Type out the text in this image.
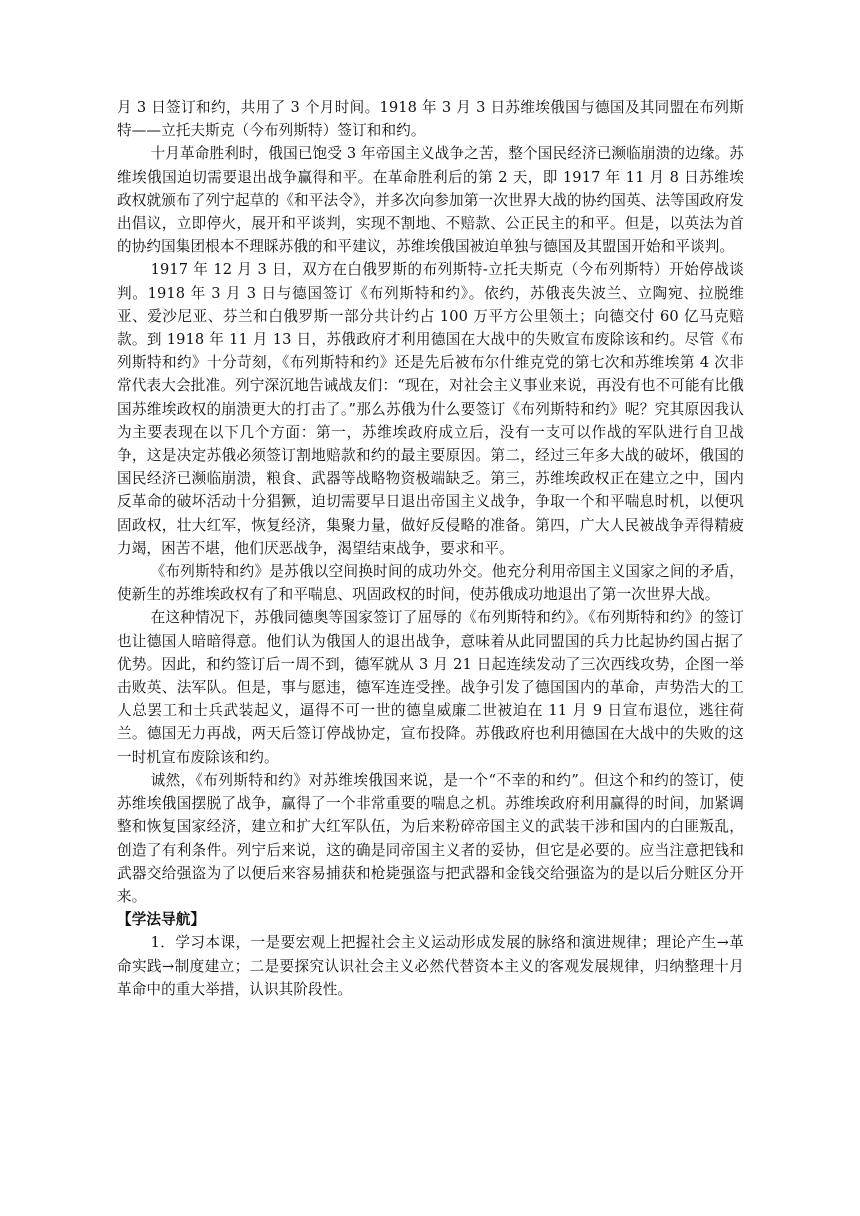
月 3 日签订和约，共用了 3 个月时间。1918 年 3 月 3 日苏维埃俄国与德国及其同盟在布列斯特——立托夫斯克（今布列斯特）签订和和约。

十月革命胜利时，俄国已饱受 3 年帝国主义战争之苦，整个国民经济已濒临崩溃的边缘。苏维埃俄国迫切需要退出战争赢得和平。在革命胜利后的第 2 天，即 1917 年 11 月 8 日苏维埃政权就颁布了列宁起草的《和平法令》，并多次向参加第一次世界大战的协约国英、法等国政府发出倡议，立即停火，展开和平谈判，实现不割地、不赔款、公正民主的和平。但是，以英法为首的协约国集团根本不理睬苏俄的和平建议，苏维埃俄国被迫单独与德国及其盟国开始和平谈判。

1917 年 12 月 3 日，双方在白俄罗斯的布列斯特-立托夫斯克（今布列斯特）开始停战谈判。1918 年 3 月 3 日与德国签订《布列斯特和约》。依约，苏俄丧失波兰、立陶宛、拉脱维亚、爱沙尼亚、芬兰和白俄罗斯一部分共计约占 100 万平方公里领土；向德交付 60 亿马克赔款。到 1918 年 11 月 13 日，苏俄政府才利用德国在大战中的失败宣布废除该和约。尽管《布列斯特和约》十分苛刻，《布列斯特和约》还是先后被布尔什维克党的第七次和苏维埃第 4 次非常代表大会批准。列宁深沉地告诫战友们：“现在，对社会主义事业来说，再没有也不可能有比俄国苏维埃政权的崩溃更大的打击了。”那么苏俄为什么要签订《布列斯特和约》呢？究其原因我认为主要表现在以下几个方面：第一，苏维埃政府成立后，没有一支可以作战的军队进行自卫战争，这是决定苏俄必须签订割地赔款和约的最主要原因。第二，经过三年多大战的破坏，俄国的国民经济已濒临崩溃，粮食、武器等战略物资极端缺乏。第三，苏维埃政权正在建立之中，国内反革命的破坏活动十分猖獗，迫切需要早日退出帝国主义战争，争取一个和平喘息时机，以便巩固政权，壮大红军，恢复经济，集聚力量，做好反侵略的准备。第四，广大人民被战争弄得精疲力竭，困苦不堪，他们厌恶战争，渴望结束战争，要求和平。

《布列斯特和约》是苏俄以空间换时间的成功外交。他充分利用帝国主义国家之间的矛盾，使新生的苏维埃政权有了和平喘息、巩固政权的时间，使苏俄成功地退出了第一次世界大战。

在这种情况下，苏俄同德奥等国家签订了屈辱的《布列斯特和约》。《布列斯特和约》的签订也让德国人暗暗得意。他们认为俄国人的退出战争，意味着从此同盟国的兵力比起协约国占据了优势。因此，和约签订后一周不到，德军就从 3 月 21 日起连续发动了三次西线攻势，企图一举击败英、法军队。但是，事与愿违，德军连连受挫。战争引发了德国国内的革命，声势浩大的工人总罢工和士兵武装起义，逼得不可一世的德皇威廉二世被迫在 11 月 9 日宣布退位，逃往荷兰。德国无力再战，两天后签订停战协定，宣布投降。苏俄政府也利用德国在大战中的失败的这一时机宣布废除该和约。

诚然，《布列斯特和约》对苏维埃俄国来说，是一个“不幸的和约”。但这个和约的签订，使苏维埃俄国摆脱了战争，赢得了一个非常重要的喘息之机。苏维埃政府利用赢得的时间，加紧调整和恢复国家经济，建立和扩大红军队伍，为后来粉碎帝国主义的武装干涉和国内的白匪叛乱，创造了有利条件。列宁后来说，这的确是同帝国主义者的妥协，但它是必要的。应当注意把钱和武器交给强盗为了以便后来容易捕获和枪毙强盗与把武器和金钱交给强盗为的是以后分赃区分开来。

【学法导航】

1．学习本课，一是要宏观上把握社会主义运动形成发展的脉络和演进规律；理论产生→革命实践→制度建立；二是要探究认识社会主义必然代替资本主义的客观发展规律，归纳整理十月革命中的重大举措，认识其阶段性。
